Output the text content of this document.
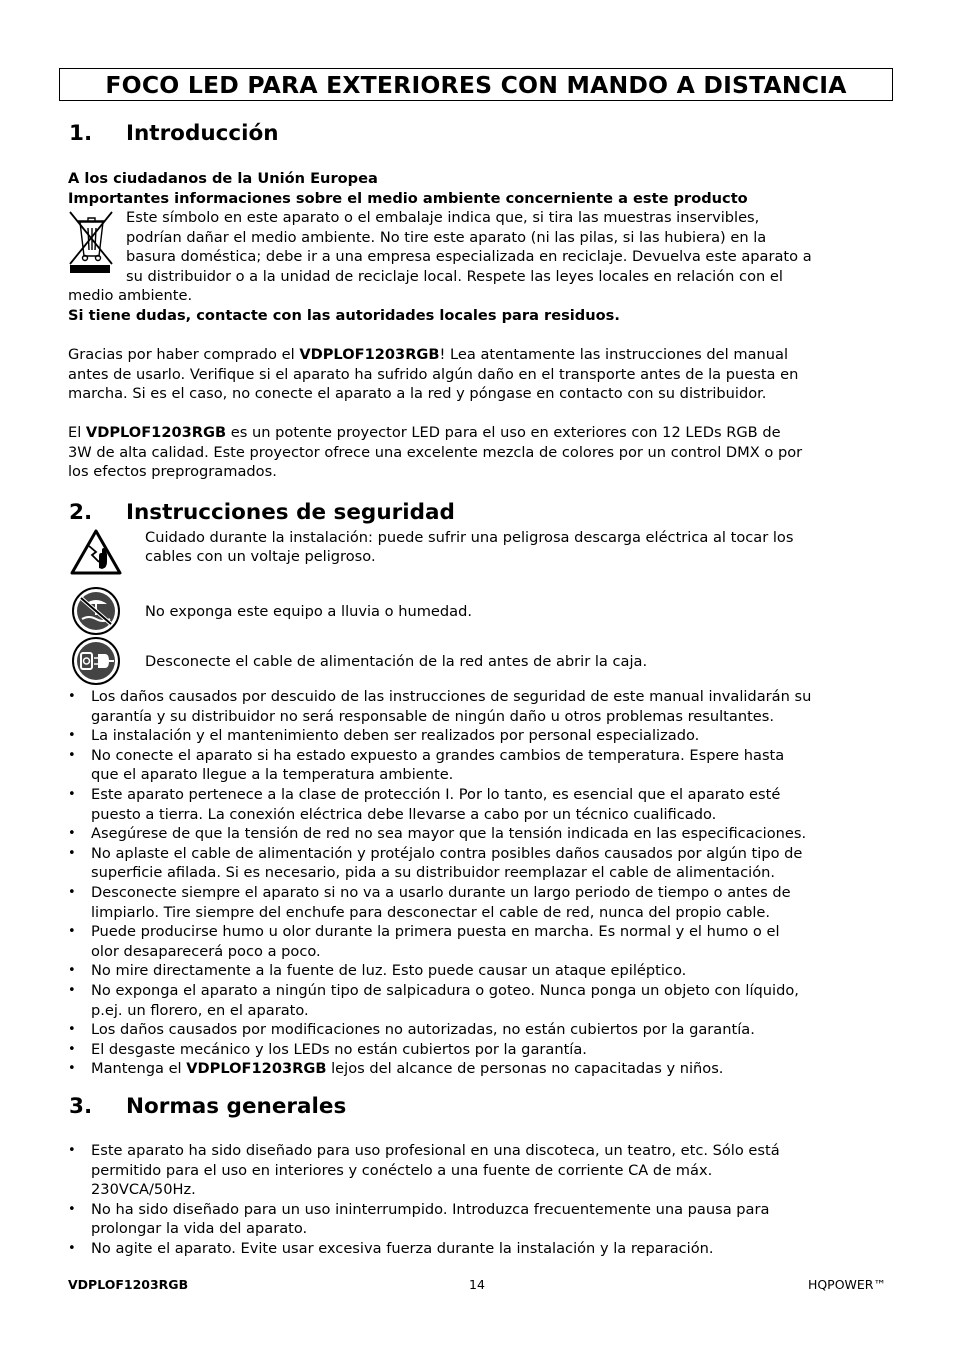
FOCO LED PARA EXTERIORES CON MANDO A DISTANCIA
1. Introducción
A los ciudadanos de la Unión Europea
Importantes informaciones sobre el medio ambiente concerniente a este producto
Este símbolo en este aparato o el embalaje indica que, si tira las muestras inservibles,
podrían dañar el medio ambiente. No tire este aparato (ni las pilas, si las hubiera) en la
basura doméstica; debe ir a una empresa especializada en reciclaje. Devuelva este aparato a
su distribuidor o a la unidad de reciclaje local. Respete las leyes locales en relación con el
medio ambiente.
Si tiene dudas, contacte con las autoridades locales para residuos.
Gracias por haber comprado el VDPLOF1203RGB! Lea atentamente las instrucciones del manual
antes de usarlo. Verifique si el aparato ha sufrido algún daño en el transporte antes de la puesta en
marcha. Si es el caso, no conecte el aparato a la red y póngase en contacto con su distribuidor.
El VDPLOF1203RGB es un potente proyector LED para el uso en exteriores con 12 LEDs RGB de
3W de alta calidad. Este proyector ofrece una excelente mezcla de colores por un control DMX o por
los efectos preprogramados.
2. Instrucciones de seguridad
Cuidado durante la instalación: puede sufrir una peligrosa descarga eléctrica al tocar los
cables con un voltaje peligroso.
No exponga este equipo a lluvia o humedad.
Desconecte el cable de alimentación de la red antes de abrir la caja.
• Los daños causados por descuido de las instrucciones de seguridad de este manual invalidarán su
garantía y su distribuidor no será responsable de ningún daño u otros problemas resultantes.
• La instalación y el mantenimiento deben ser realizados por personal especializado.
• No conecte el aparato si ha estado expuesto a grandes cambios de temperatura. Espere hasta
que el aparato llegue a la temperatura ambiente.
• Este aparato pertenece a la clase de protección I. Por lo tanto, es esencial que el aparato esté
puesto a tierra. La conexión eléctrica debe llevarse a cabo por un técnico cualificado.
• Asegúrese de que la tensión de red no sea mayor que la tensión indicada en las especificaciones.
• No aplaste el cable de alimentación y protéjalo contra posibles daños causados por algún tipo de
superficie afilada. Si es necesario, pida a su distribuidor reemplazar el cable de alimentación.
• Desconecte siempre el aparato si no va a usarlo durante un largo periodo de tiempo o antes de
limpiarlo. Tire siempre del enchufe para desconectar el cable de red, nunca del propio cable.
• Puede producirse humo u olor durante la primera puesta en marcha. Es normal y el humo o el
olor desaparecerá poco a poco.
• No mire directamente a la fuente de luz. Esto puede causar un ataque epiléptico.
• No exponga el aparato a ningún tipo de salpicadura o goteo. Nunca ponga un objeto con líquido,
p.ej. un florero, en el aparato.
• Los daños causados por modificaciones no autorizadas, no están cubiertos por la garantía.
• El desgaste mecánico y los LEDs no están cubiertos por la garantía.
• Mantenga el VDPLOF1203RGB lejos del alcance de personas no capacitadas y niños.
3. Normas generales
• Este aparato ha sido diseñado para uso profesional en una discoteca, un teatro, etc. Sólo está
permitido para el uso en interiores y conéctelo a una fuente de corriente CA de máx.
230VCA/50Hz.
• No ha sido diseñado para un uso ininterrumpido. Introduzca frecuentemente una pausa para
prolongar la vida del aparato.
• No agite el aparato. Evite usar excesiva fuerza durante la instalación y la reparación.
VDPLOF1203RGB	14	HQPOWER™
